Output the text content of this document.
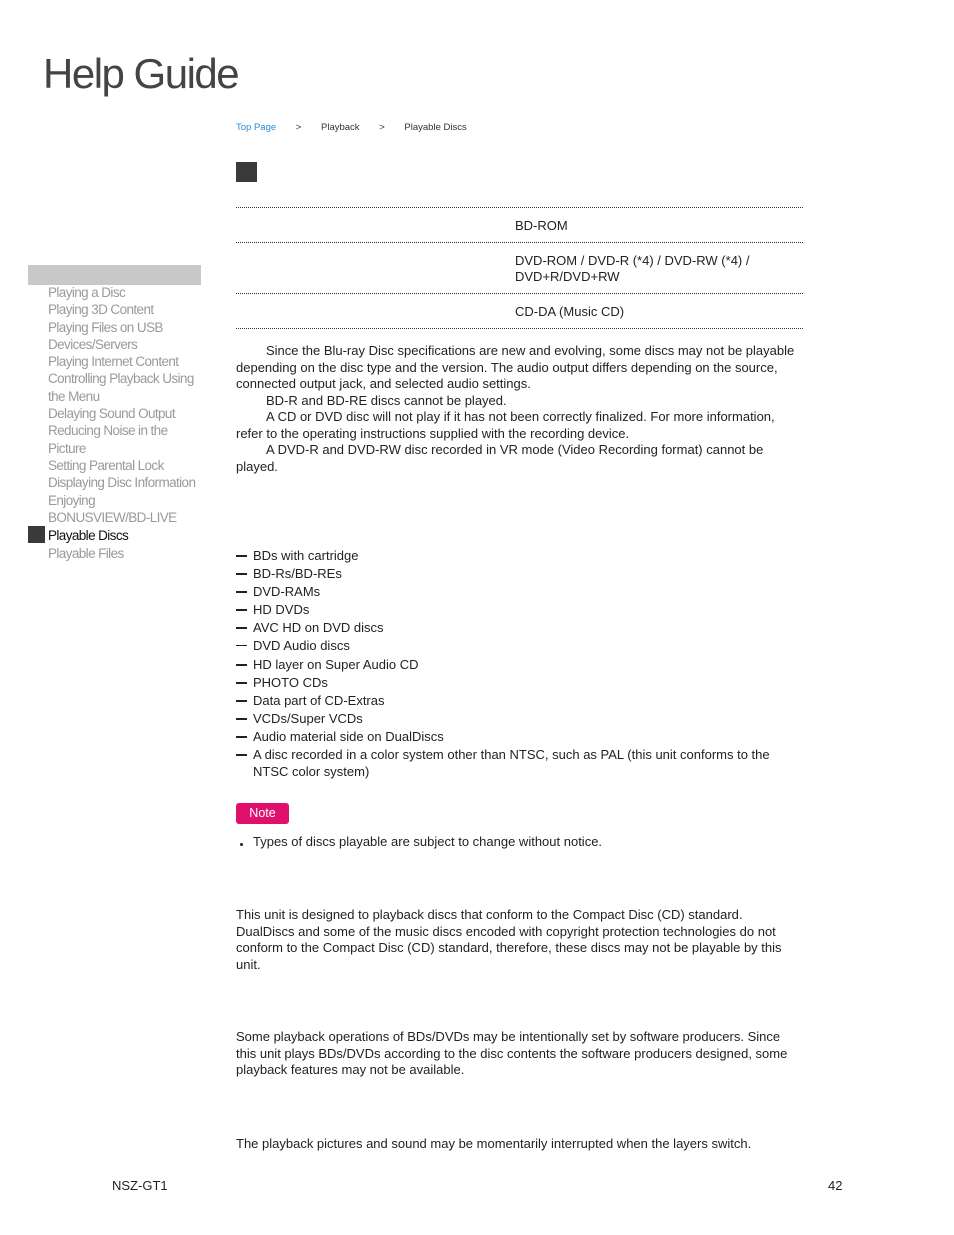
Help Guide
Top Page > Playback > Playable Discs
BD-ROM
DVD-ROM / DVD-R (*4) / DVD-RW (*4) / DVD+R/DVD+RW
CD-DA (Music CD)
Since the Blu-ray Disc specifications are new and evolving, some discs may not be playable depending on the disc type and the version. The audio output differs depending on the source, connected output jack, and selected audio settings.
BD-R and BD-RE discs cannot be played.
A CD or DVD disc will not play if it has not been correctly finalized. For more information, refer to the operating instructions supplied with the recording device.
A DVD-R and DVD-RW disc recorded in VR mode (Video Recording format) cannot be played.
Playing a Disc
Playing 3D Content
Playing Files on USB
Devices/Servers
Playing Internet Content
Controlling Playback Using
the Menu
Delaying Sound Output
Reducing Noise in the
Picture
Setting Parental Lock
Displaying Disc Information
Enjoying
BONUSVIEW/BD-LIVE
Playable Discs
Playable Files	BDs with cartridge
BD-Rs/BD-REs
DVD-RAMs
HD DVDs
AVC HD on DVD discs
DVD Audio discs
HD layer on Super Audio CD
PHOTO CDs
Data part of CD-Extras
VCDs/Super VCDs
Audio material side on DualDiscs
A disc recorded in a color system other than NTSC, such as PAL (this unit conforms to the NTSC color system)
Note
Types of discs playable are subject to change without notice.
This unit is designed to playback discs that conform to the Compact Disc (CD) standard. DualDiscs and some of the music discs encoded with copyright protection technologies do not conform to the Compact Disc (CD) standard, therefore, these discs may not be playable by this unit.
Some playback operations of BDs/DVDs may be intentionally set by software producers. Since this unit plays BDs/DVDs according to the disc contents the software producers designed, some playback features may not be available.
The playback pictures and sound may be momentarily interrupted when the layers switch.
NSZ-GT1	42
